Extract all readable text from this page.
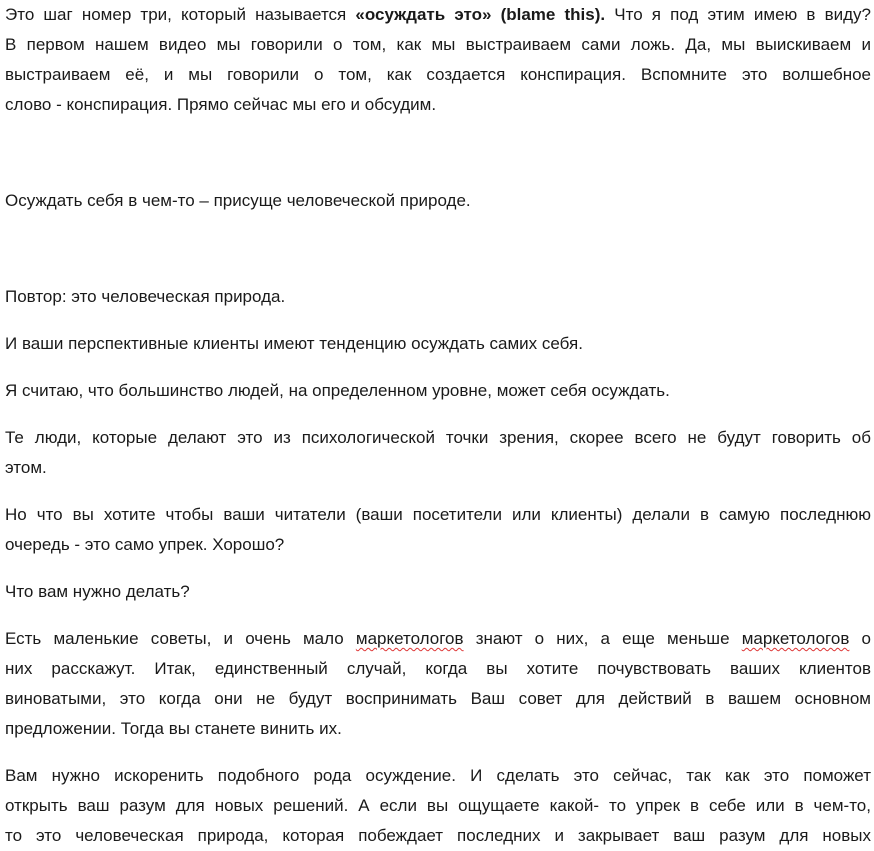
Это шаг номер три, который называется «осуждать это» (blame this). Что я под этим имею в виду?
В первом нашем видео мы говорили о том, как мы выстраиваем сами ложь. Да, мы выискиваем и
выстраиваем её, и мы говорили о том, как создается конспирация. Вспомните это волшебное
слово - конспирация. Прямо сейчас мы его и обсудим.
Осуждать себя в чем-то – присуще человеческой природе.
Повтор: это человеческая природа.
И ваши перспективные клиенты имеют тенденцию осуждать самих себя.
Я считаю, что большинство людей, на определенном уровне, может себя осуждать.
Те люди, которые делают это из психологической точки зрения, скорее всего не будут говорить об
этом.
Но что вы хотите чтобы ваши читатели (ваши посетители или клиенты) делали в самую последнюю
очередь - это само упрек. Хорошо?
Что вам нужно делать?
Есть маленькие советы, и очень мало маркетологов знают о них, а еще меньше маркетологов о
них расскажут. Итак, единственный случай, когда вы хотите почувствовать ваших клиентов
виноватыми, это когда они не будут воспринимать Ваш совет для действий в вашем основном
предложении. Тогда вы станете винить их.
Вам нужно искоренить подобного рода осуждение. И сделать это сейчас, так как это поможет
открыть ваш разум для новых решений. А если вы ощущаете какой- то упрек в себе или в чем-то,
то это человеческая природа, которая побеждает последних и закрывает ваш разум для новых
